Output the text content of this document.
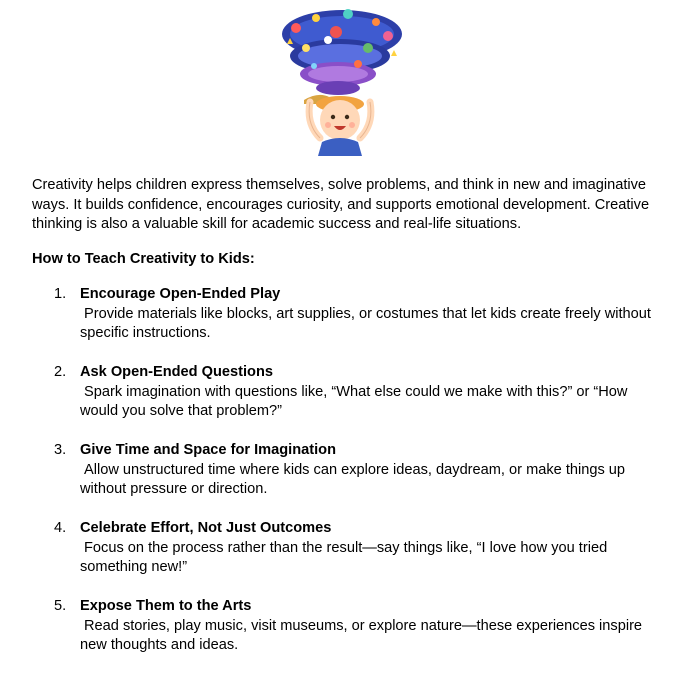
Creativity helps children express themselves, solve problems, and think in new and imaginative ways. It builds confidence, encourages curiosity, and supports emotional development. Creative thinking is also a valuable skill for academic success and real-life situations.

How to Teach Creativity to Kids:

1. Encourage Open-Ended Play
Provide materials like blocks, art supplies, or costumes that let kids create freely without specific instructions.
2. Ask Open-Ended Questions
Spark imagination with questions like, “What else could we make with this?” or “How would you solve that problem?”
3. Give Time and Space for Imagination
Allow unstructured time where kids can explore ideas, daydream, or make things up without pressure or direction.
4. Celebrate Effort, Not Just Outcomes
Focus on the process rather than the result—say things like, “I love how you tried something new!”
5. Expose Them to the Arts
Read stories, play music, visit museums, or explore nature—these experiences inspire new thoughts and ideas.
